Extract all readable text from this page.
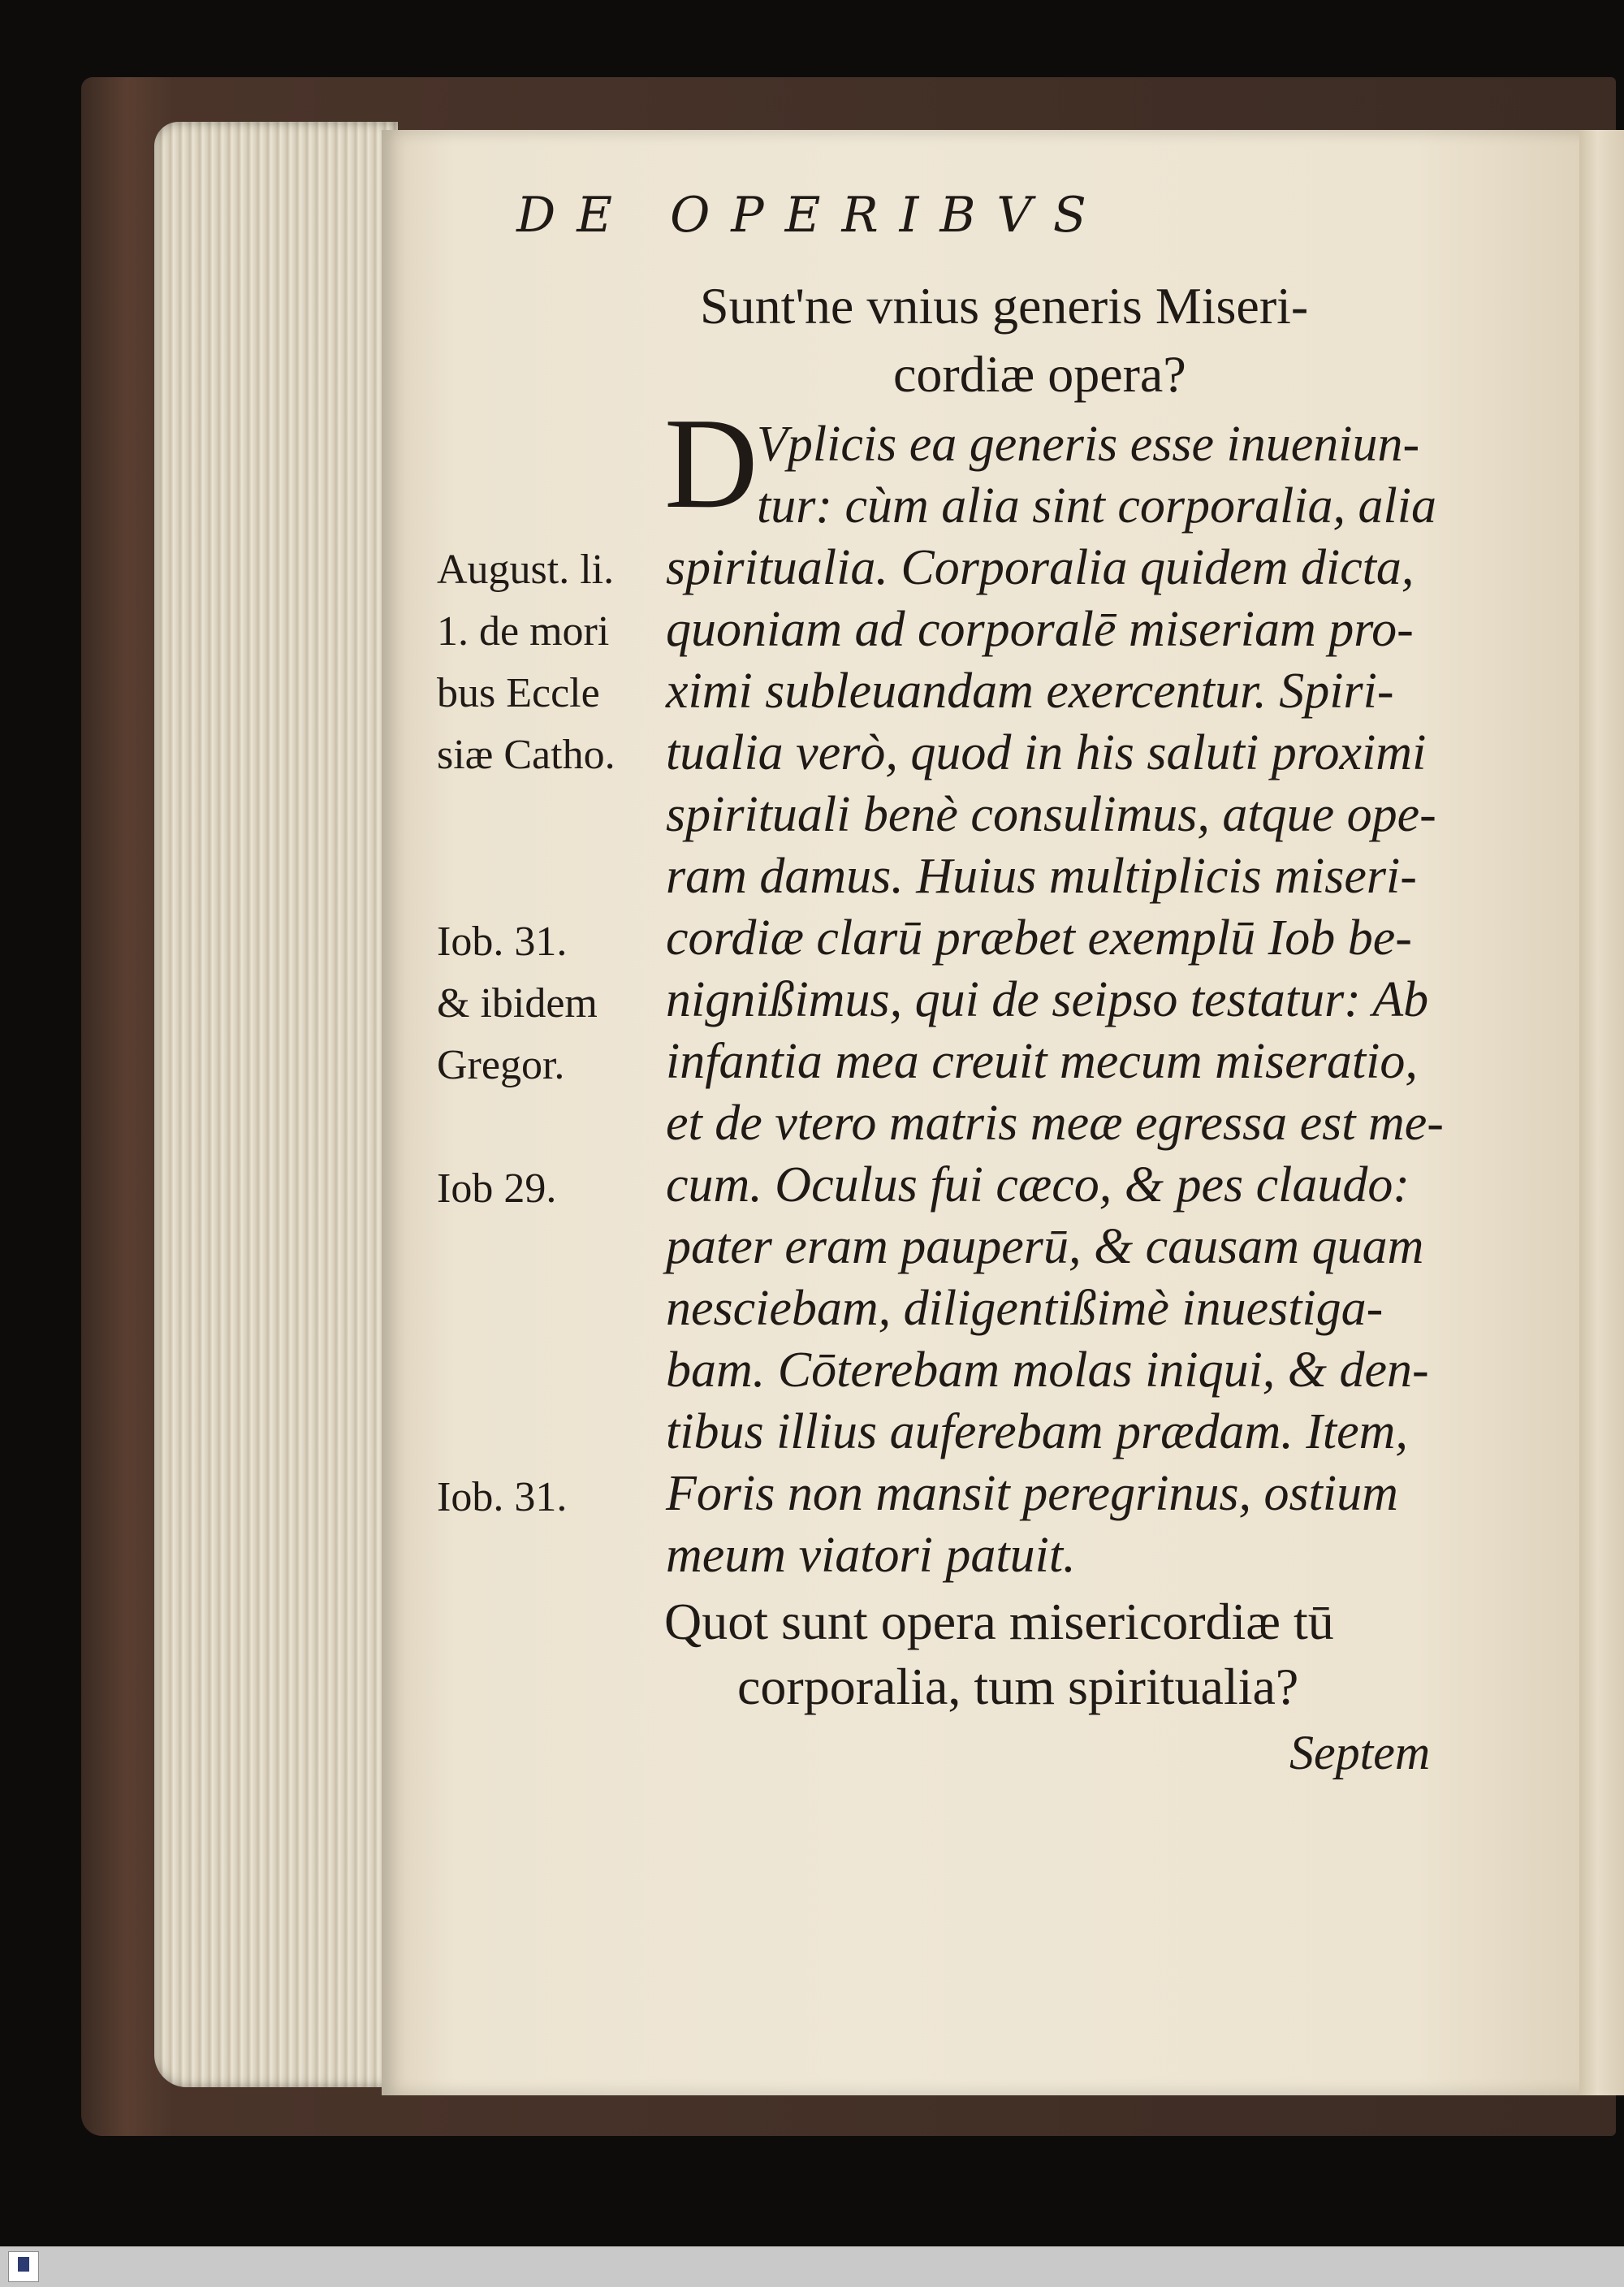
DE OPERIBVS
Sunt'ne vnius generis Miseri-
cordiæ opera?
D
Vplicis ea generis esse inueniun-
tur: cùm alia sint corporalia, alia
spiritualia. Corporalia quidem dicta,
quoniam ad corporalē miseriam pro-
ximi subleuandam exercentur. Spiri-
tualia verò, quod in his saluti proximi
spirituali benè consulimus, atque ope-
ram damus. Huius multiplicis miseri-
cordiæ clarū præbet exemplū Iob be-
nignißimus, qui de seipso testatur: Ab
infantia mea creuit mecum miseratio,
et de vtero matris meæ egressa est me-
cum. Oculus fui cæco, & pes claudo:
pater eram pauperū, & causam quam
nesciebam, diligentißimè inuestiga-
bam. Cōterebam molas iniqui, & den-
tibus illius auferebam prædam. Item,
Foris non mansit peregrinus, ostium
meum viatori patuit.
August. li.
1. de mori
bus Eccle
siæ Catho.
Iob. 31.
& ibidem
Gregor.
Iob 29.
Iob. 31.
Quot sunt opera misericordiæ tū
corporalia, tum spiritualia?
Septem
